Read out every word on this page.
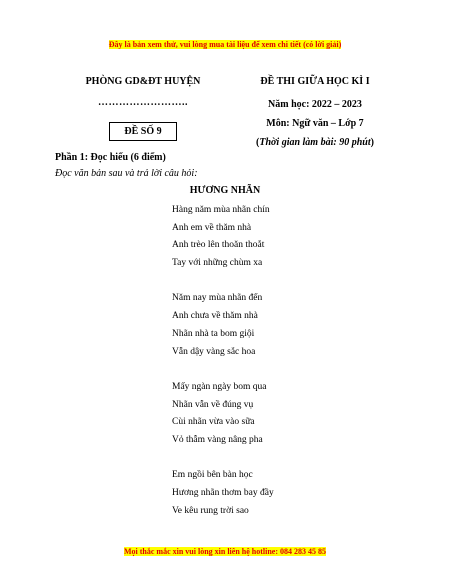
Đây là bản xem thử, vui lòng mua tài liệu để xem chi tiết (có lời giải)
PHÒNG GD&ĐT HUYỆN
……………………..
ĐỀ SỐ 9
ĐỀ THI GIỮA HỌC KÌ I
Năm học: 2022 – 2023
Môn: Ngữ văn – Lớp 7
(Thời gian làm bài: 90 phút)
Phần 1: Đọc hiểu (6 điểm)
Đọc văn bản sau và trả lời câu hỏi:
HƯƠNG NHÃN
Hàng năm mùa nhãn chín
Anh em về thăm nhà
Anh trèo lên thoăn thoắt
Tay với những chùm xa
Năm nay mùa nhãn đến
Anh chưa về thăm nhà
Nhãn nhà ta bom giội
Vẫn dậy vàng sắc hoa
Mấy ngàn ngày bom qua
Nhãn vẫn về đúng vụ
Cùi nhãn vừa vào sữa
Vỏ thẫm vàng nâng pha
Em ngồi bên bàn học
Hương nhãn thơm bay đầy
Ve kêu rung trời sao
Mọi thắc mắc xin vui lòng xin liên hệ hotline: 084 283 45 85
